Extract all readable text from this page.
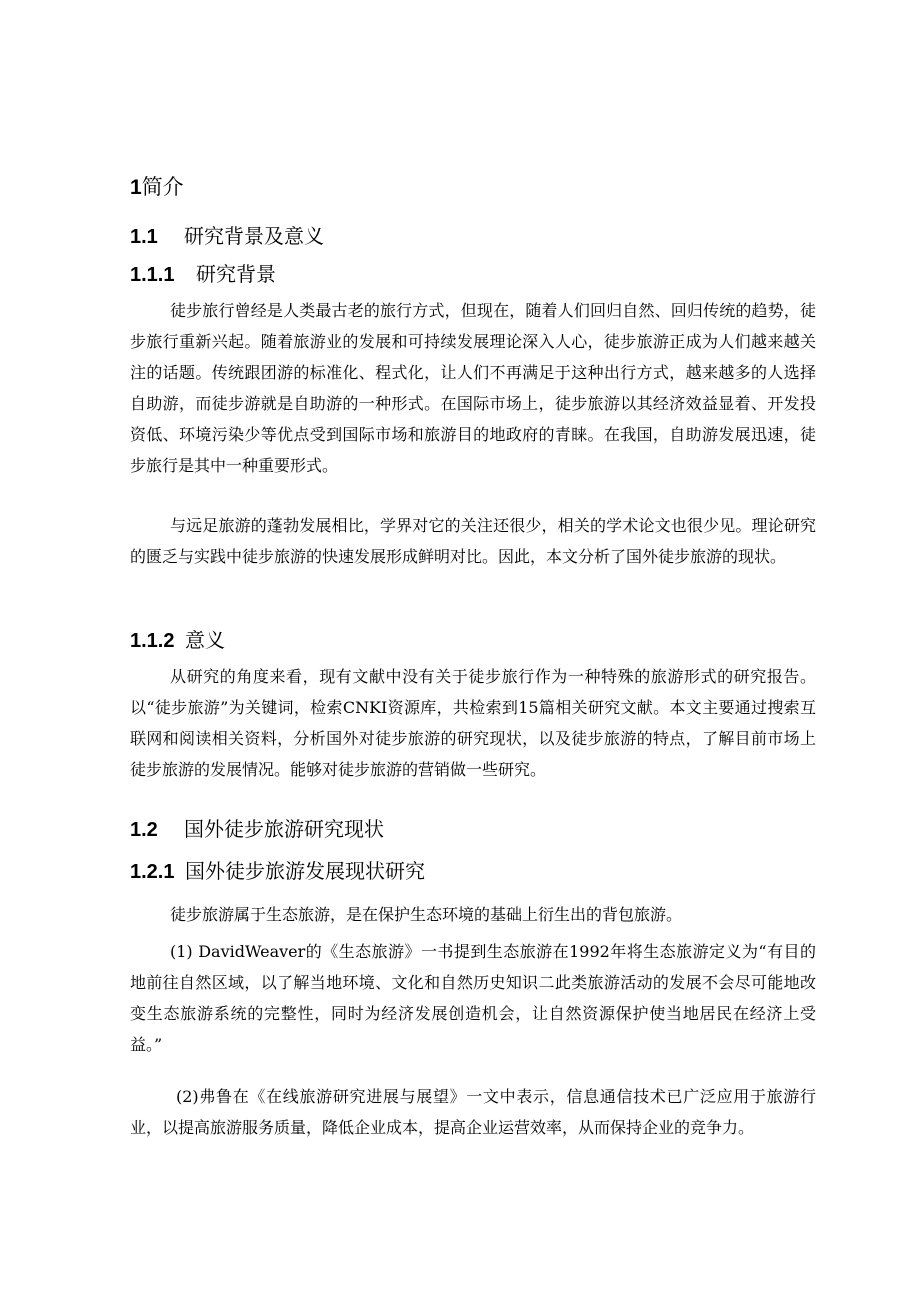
1简介
1.1 研究背景及意义
1.1.1 研究背景

徒步旅行曾经是人类最古老的旅行方式，但现在，随着人们回归自然、回归传统的趋势，徒步旅行重新兴起。随着旅游业的发展和可持续发展理论深入人心，徒步旅游正成为人们越来越关注的话题。传统跟团游的标准化、程式化，让人们不再满足于这种出行方式，越来越多的人选择自助游，而徒步游就是自助游的一种形式。在国际市场上，徒步旅游以其经济效益显着、开发投资低、环境污染少等优点受到国际市场和旅游目的地政府的青睐。在我国，自助游发展迅速，徒步旅行是其中一种重要形式。

与远足旅游的蓬勃发展相比，学界对它的关注还很少，相关的学术论文也很少见。理论研究的匮乏与实践中徒步旅游的快速发展形成鲜明对比。因此，本文分析了国外徒步旅游的现状。

1.1.2 意义

从研究的角度来看，现有文献中没有关于徒步旅行作为一种特殊的旅游形式的研究报告。以“徒步旅游”为关键词，检索CNKI资源库，共检索到15篇相关研究文献。本文主要通过搜索互联网和阅读相关资料，分析国外对徒步旅游的研究现状，以及徒步旅游的特点，了解目前市场上徒步旅游的发展情况。能够对徒步旅游的营销做一些研究。

1.2 国外徒步旅游研究现状
1.2.1 国外徒步旅游发展现状研究

徒步旅游属于生态旅游，是在保护生态环境的基础上衍生出的背包旅游。

(1) DavidWeaver的《生态旅游》一书提到生态旅游在1992年将生态旅游定义为“有目的地前往自然区域，以了解当地环境、文化和自然历史知识二此类旅游活动的发展不会尽可能地改变生态旅游系统的完整性，同时为经济发展创造机会，让自然资源保护使当地居民在经济上受益。”

(2)弗鲁在《在线旅游研究进展与展望》一文中表示，信息通信技术已广泛应用于旅游行业，以提高旅游服务质量，降低企业成本，提高企业运营效率，从而保持企业的竞争力。
